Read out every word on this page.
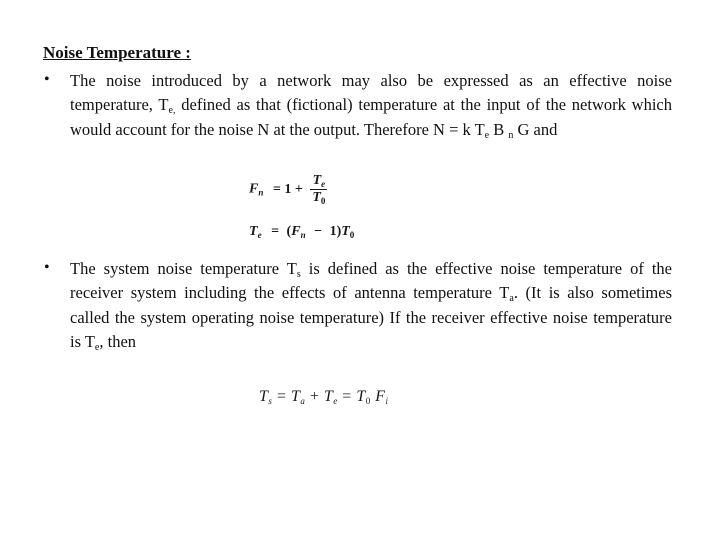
Noise Temperature :
• The noise introduced by a network may also be expressed as an effective noise temperature, $T_{e,}$ defined as that (fictional) temperature at the input of the network which would account for the noise N at the output. Therefore N = k $T_e$ B $_n$ G and
$F_n = 1 + \frac{T_e}{T_0}$
$T_e = (F_n - 1)T_0$
• The system noise temperature $T_s$ is defined as the effective noise temperature of the receiver system including the effects of antenna temperature $T_a$. (It is also sometimes called the system operating noise temperature) If the receiver effective noise temperature is $T_e$, then
Ts = Ta + Te = T0 Fi
